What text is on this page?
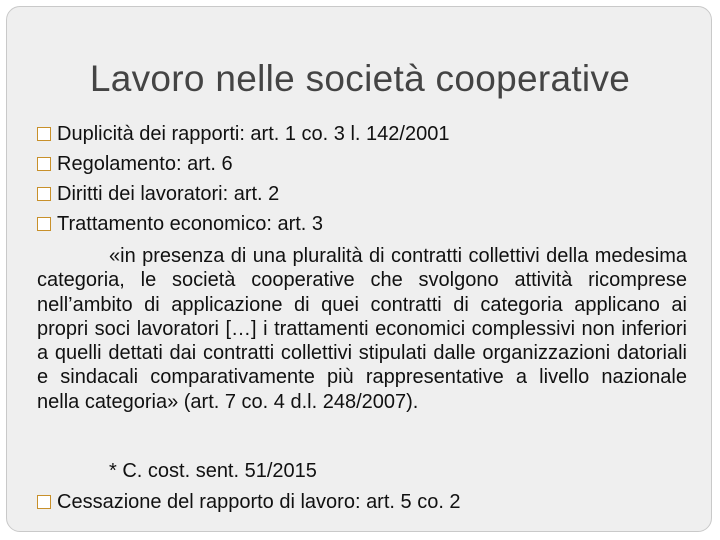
Lavoro nelle società cooperative
Duplicità dei rapporti: art. 1 co. 3 l. 142/2001
Regolamento: art. 6
Diritti dei lavoratori: art. 2
Trattamento economico: art. 3
«in presenza di una pluralità di contratti collettivi della medesima categoria, le società cooperative che svolgono attività ricomprese nell’ambito di applicazione di quei contratti di categoria applicano ai propri soci lavoratori […] i trattamenti economici complessivi non inferiori a quelli dettati dai contratti collettivi stipulati dalle organizzazioni datoriali e sindacali comparativamente più rappresentative a livello nazionale nella categoria» (art. 7 co. 4 d.l. 248/2007).
* C. cost. sent. 51/2015
Cessazione del rapporto di lavoro: art. 5 co. 2
